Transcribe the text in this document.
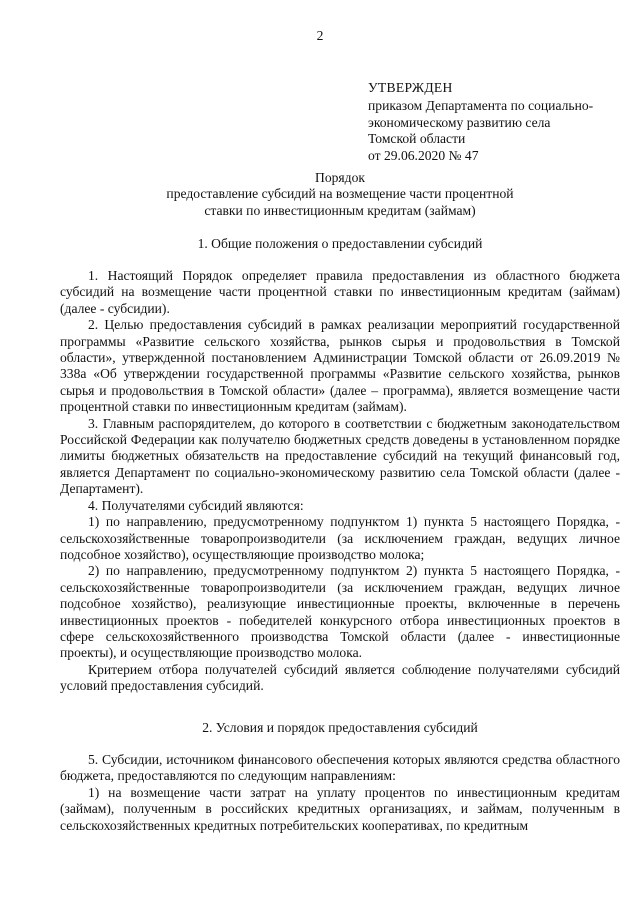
2
УТВЕРЖДЕН
приказом Департамента по социально-
экономическому развитию села
Томской области
от 29.06.2020 № 47
Порядок
предоставление субсидий на возмещение части процентной
ставки по инвестиционным кредитам (займам)
1. Общие положения о предоставлении субсидий

1. Настоящий Порядок определяет правила предоставления из областного бюджета субсидий на возмещение части процентной ставки по инвестиционным кредитам (займам) (далее - субсидии).

2. Целью предоставления субсидий в рамках реализации мероприятий государственной программы «Развитие сельского хозяйства, рынков сырья и продовольствия в Томской области», утвержденной постановлением Администрации Томской области от 26.09.2019 № 338а «Об утверждении государственной программы «Развитие сельского хозяйства, рынков сырья и продовольствия в Томской области» (далее – программа), является возмещение части процентной ставки по инвестиционным кредитам (займам).

3. Главным распорядителем, до которого в соответствии с бюджетным законодательством Российской Федерации как получателю бюджетных средств доведены в установленном порядке лимиты бюджетных обязательств на предоставление субсидий на текущий финансовый год, является Департамент по социально-экономическому развитию села Томской области (далее - Департамент).

4. Получателями субсидий являются:

1) по направлению, предусмотренному подпунктом 1) пункта 5 настоящего Порядка, - сельскохозяйственные товаропроизводители (за исключением граждан, ведущих личное подсобное хозяйство), осуществляющие производство молока;

2) по направлению, предусмотренному подпунктом 2) пункта 5 настоящего Порядка, - сельскохозяйственные товаропроизводители (за исключением граждан, ведущих личное подсобное хозяйство), реализующие инвестиционные проекты, включенные в перечень инвестиционных проектов - победителей конкурсного отбора инвестиционных проектов в сфере сельскохозяйственного производства Томской области (далее - инвестиционные проекты), и осуществляющие производство молока.

Критерием отбора получателей субсидий является соблюдение получателями субсидий условий предоставления субсидий.

2. Условия и порядок предоставления субсидий

5. Субсидии, источником финансового обеспечения которых являются средства областного бюджета, предоставляются по следующим направлениям:

1) на возмещение части затрат на уплату процентов по инвестиционным кредитам (займам), полученным в российских кредитных организациях, и займам, полученным в сельскохозяйственных кредитных потребительских кооперативах, по кредитным
